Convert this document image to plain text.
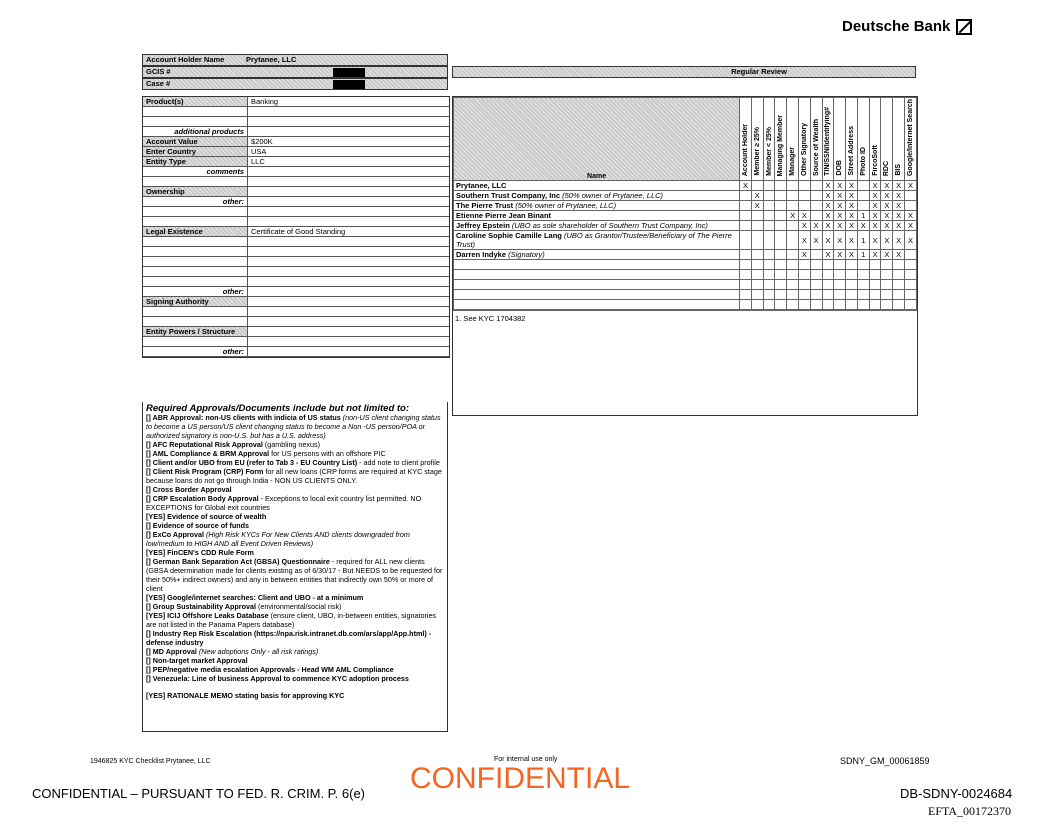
Deutsche Bank
Account Holder Name	Prytanee, LLC
GCIS #
Case #
Regular Review
Product(s)	Banking

additional products	
Account Value	$200K
Enter Country	USA
Entity Type	LLC
comments	

Ownership	
other:	

Legal Existence	Certificate of Good Standing

other:	
Signing Authority	

Entity Powers / Structure	

other:	
Name	Account Holder	Member ≥ 25%	Member < 25%	Managing Member	Manager	Other Signatory	Source of Wealth	TIN/SSN/Identifying#	DOB	Street Address	Photo ID	FircoSoft	RDC	BIS	Google/Internet Search
Prytanee, LLC	X							X	X	X		X	X	X	X
Southern Trust Company, Inc (50% owner of Prytanee, LLC)		X						X	X	X		X	X	X	
The Pierre Trust (50% owner of Prytanee, LLC)		X						X	X	X		X	X	X	
Etienne Pierre Jean Binant					X	X		X	X	X	1	X	X	X	X
Jeffrey Epstein (UBO as sole shareholder of Southern Trust Company, Inc)						X	X	X	X	X	X	X	X	X	X
Caroline Sophie Camille Lang (UBO as Grantor/Trustee/Beneficiary of The Pierre Trust)						X	X	X	X	X	1	X	X	X	X
Darren Indyke (Signatory)						X		X	X	X	1	X	X	X	

1. See KYC 1704382
Required Approvals/Documents include but not limited to:
[] ABR Approval: non-US clients with indicia of US status (non-US client changing status to become a US person/US client changing status to become a Non -US person/POA or authorized signatory is non-U.S. but has a U.S. address)
[] AFC Reputational Risk Approval (gambling nexus)
[] AML Compliance & BRM Approval for US persons with an offshore PIC
[] Client and/or UBO from EU (refer to Tab 3 - EU Country List) - add note to client profile
[] Client Risk Program (CRP) Form for all new loans (CRP forms are required at KYC stage because loans do not go through India - NON US CLIENTS ONLY.
[] Cross Border Approval
[] CRP Escalation Body Approval - Exceptions to local exit country list permitted. NO EXCEPTIONS for Global exit countries
[YES] Evidence of source of wealth
[] Evidence of source of funds
[] ExCo Approval (High Risk KYCs For New Clients AND clients downgraded from low/medium to HIGH AND all Event Driven Reviews)
[YES] FinCEN's CDD Rule Form
[] German Bank Separation Act (GBSA) Questionnaire - required for ALL new clients (GBSA determination made for clients existing as of 6/30/17 - But NEEDS to be requested for their 50%+ indirect owners) and any in between entities that indirectly own 50% or more of client
[YES] Google/internet searches: Client and UBO - at a minimum
[] Group Sustainability Approval (environmental/social risk)
[YES] ICIJ Offshore Leaks Database (ensure client, UBO, in-between entities, signatories are not listed in the Panama Papers database)
[] Industry Rep Risk Escalation (https://npa.risk.intranet.db.com/ars/app/App.html) - defense industry
[] MD Approval (New adoptions Only - all risk ratings)
[] Non-target market Approval
[] PEP/negative media escalation Approvals - Head WM AML Compliance
[] Venezuela: Line of business Approval to commence KYC adoption process
[YES] RATIONALE MEMO stating basis for approving KYC
1946825 KYC Checklist Prytanee, LLC	For internal use only	SDNY_GM_00061859
CONFIDENTIAL – PURSUANT TO FED. R. CRIM. P. 6(e) CONFIDENTIAL	DB-SDNY-0024684
EFTA_00172370
